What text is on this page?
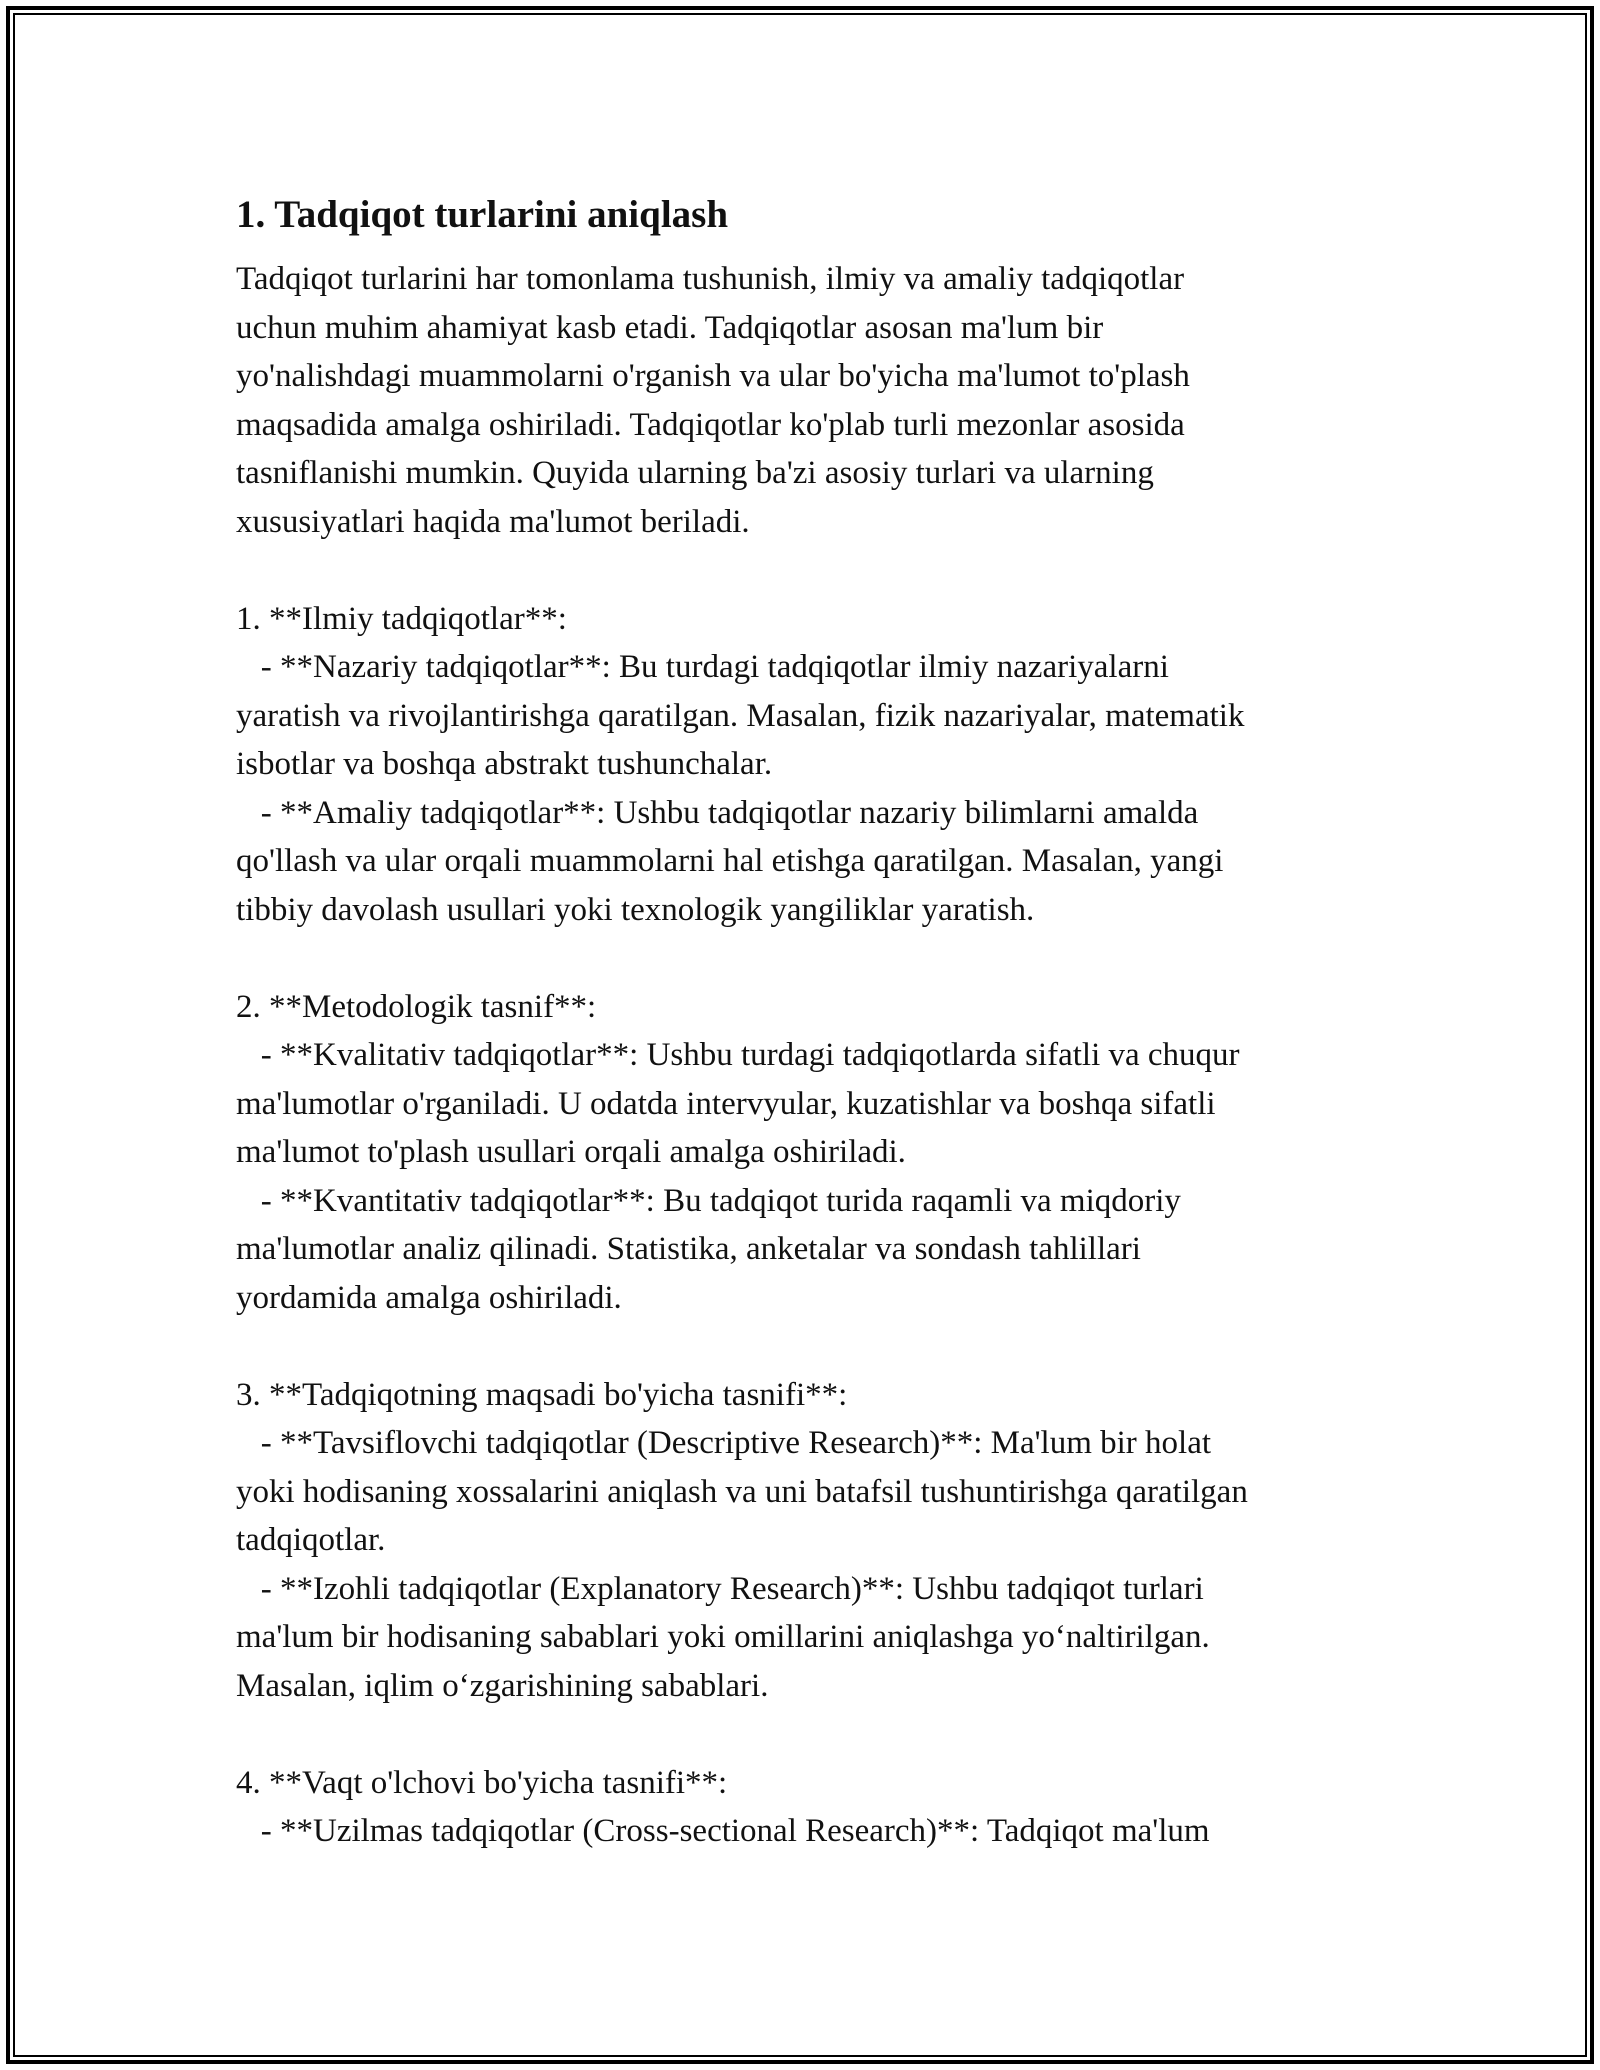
1. Tadqiqot turlarini aniqlash
Tadqiqot turlarini har tomonlama tushunish, ilmiy va amaliy tadqiqotlar
uchun muhim ahamiyat kasb etadi. Tadqiqotlar asosan ma'lum bir
yo'nalishdagi muammolarni o'rganish va ular bo'yicha ma'lumot to'plash
maqsadida amalga oshiriladi. Tadqiqotlar ko'plab turli mezonlar asosida
tasniflanishi mumkin. Quyida ularning ba'zi asosiy turlari va ularning
xususiyatlari haqida ma'lumot beriladi.
1. **Ilmiy tadqiqotlar**:
- **Nazariy tadqiqotlar**: Bu turdagi tadqiqotlar ilmiy nazariyalarni
yaratish va rivojlantirishga qaratilgan. Masalan, fizik nazariyalar, matematik
isbotlar va boshqa abstrakt tushunchalar.
- **Amaliy tadqiqotlar**: Ushbu tadqiqotlar nazariy bilimlarni amalda
qo'llash va ular orqali muammolarni hal etishga qaratilgan. Masalan, yangi
tibbiy davolash usullari yoki texnologik yangiliklar yaratish.
2. **Metodologik tasnif**:
- **Kvalitativ tadqiqotlar**: Ushbu turdagi tadqiqotlarda sifatli va chuqur
ma'lumotlar o'rganiladi. U odatda intervyular, kuzatishlar va boshqa sifatli
ma'lumot to'plash usullari orqali amalga oshiriladi.
- **Kvantitativ tadqiqotlar**: Bu tadqiqot turida raqamli va miqdoriy
ma'lumotlar analiz qilinadi. Statistika, anketalar va sondash tahlillari
yordamida amalga oshiriladi.
3. **Tadqiqotning maqsadi bo'yicha tasnifi**:
- **Tavsiflovchi tadqiqotlar (Descriptive Research)**: Ma'lum bir holat
yoki hodisaning xossalarini aniqlash va uni batafsil tushuntirishga qaratilgan
tadqiqotlar.
- **Izohli tadqiqotlar (Explanatory Research)**: Ushbu tadqiqot turlari
ma'lum bir hodisaning sabablari yoki omillarini aniqlashga yo‘naltirilgan.
Masalan, iqlim o‘zgarishining sabablari.
4. **Vaqt o'lchovi bo'yicha tasnifi**:
- **Uzilmas tadqiqotlar (Cross-sectional Research)**: Tadqiqot ma'lum
